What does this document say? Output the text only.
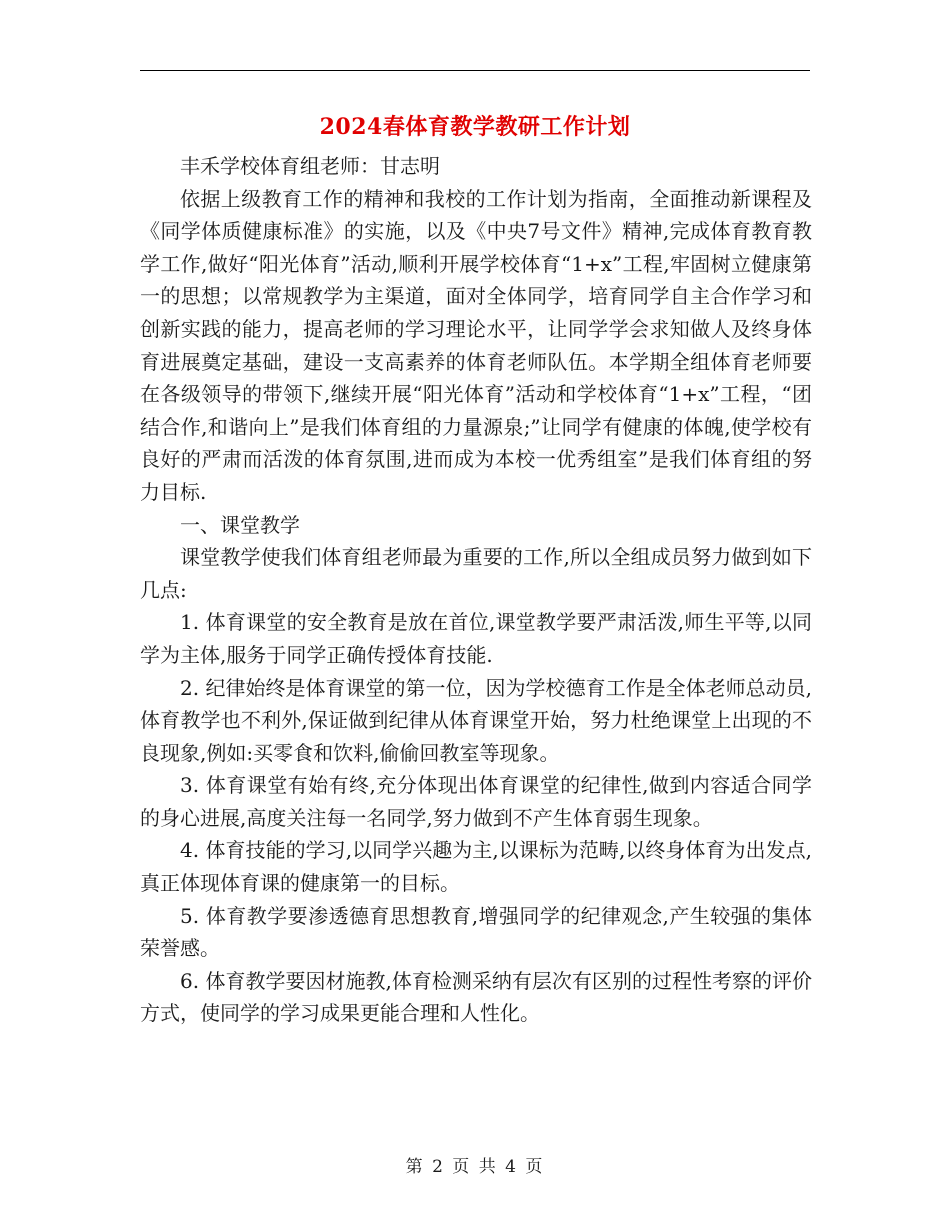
2024春体育教学教研工作计划

丰禾学校体育组老师：甘志明

依据上级教育工作的精神和我校的工作计划为指南，全面推动新课程及《同学体质健康标准》的实施，以及《中央7号文件》精神,完成体育教育教学工作,做好“阳光体育”活动,顺利开展学校体育“1+x”工程,牢固树立健康第一的思想；以常规教学为主渠道，面对全体同学，培育同学自主合作学习和创新实践的能力，提高老师的学习理论水平，让同学学会求知做人及终身体育进展奠定基础，建设一支高素养的体育老师队伍。本学期全组体育老师要在各级领导的带领下,继续开展“阳光体育”活动和学校体育“1+x”工程，“团结合作,和谐向上”是我们体育组的力量源泉;”让同学有健康的体魄,使学校有良好的严肃而活泼的体育氛围,进而成为本校一优秀组室”是我们体育组的努力目标.

一、课堂教学

课堂教学使我们体育组老师最为重要的工作,所以全组成员努力做到如下几点:

1. 体育课堂的安全教育是放在首位,课堂教学要严肃活泼,师生平等,以同学为主体,服务于同学正确传授体育技能.

2. 纪律始终是体育课堂的第一位，因为学校德育工作是全体老师总动员,体育教学也不利外,保证做到纪律从体育课堂开始，努力杜绝课堂上出现的不良现象,例如:买零食和饮料,偷偷回教室等现象。

3. 体育课堂有始有终,充分体现出体育课堂的纪律性,做到内容适合同学的身心进展,高度关注每一名同学,努力做到不产生体育弱生现象。

4. 体育技能的学习,以同学兴趣为主,以课标为范畴,以终身体育为出发点,真正体现体育课的健康第一的目标。

5. 体育教学要渗透德育思想教育,增强同学的纪律观念,产生较强的集体荣誉感。

6. 体育教学要因材施教,体育检测采纳有层次有区别的过程性考察的评价方式，使同学的学习成果更能合理和人性化。

第 2 页 共 4 页
